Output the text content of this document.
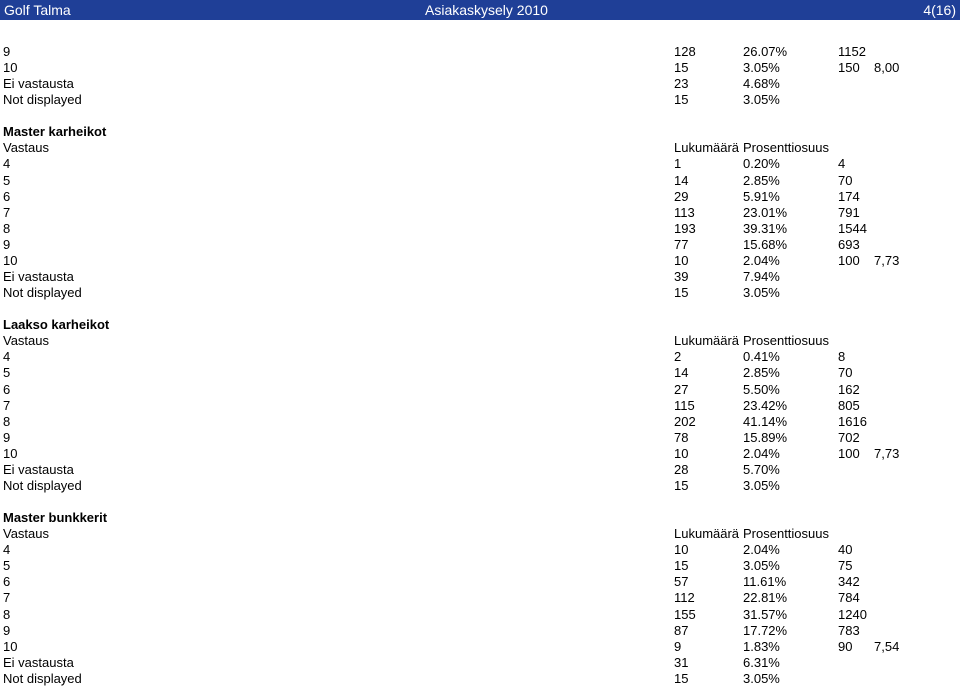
9	128	26.07%	1152
10	15	3.05%	150 8,00
Ei vastausta	23	4.68%
Not displayed	15	3.05%
Master karheikot
Vastaus	Lukumäärä Prosenttiosuus
4	1	0.20%	4
5	14	2.85%	70
6	29	5.91%	174
7	113	23.01%	791
8	193	39.31%	1544
9	77	15.68%	693
10	10	2.04%	100 7,73
Ei vastausta	39	7.94%
Not displayed	15	3.05%
Laakso karheikot
Vastaus	Lukumäärä Prosenttiosuus
4	2	0.41%	8
5	14	2.85%	70
6	27	5.50%	162
7	115	23.42%	805
8	202	41.14%	1616
9	78	15.89%	702
10	10	2.04%	100 7,73
Ei vastausta	28	5.70%
Not displayed	15	3.05%
Master bunkkerit
Vastaus	Lukumäärä Prosenttiosuus
4	10	2.04%	40
5	15	3.05%	75
6	57	11.61%	342
7	112	22.81%	784
8	155	31.57%	1240
9	87	17.72%	783
10	9	1.83%	90 7,54
Ei vastausta	31	6.31%
Not displayed	15	3.05%
Golf Talma	Asiakaskysely 2010	4(16)
